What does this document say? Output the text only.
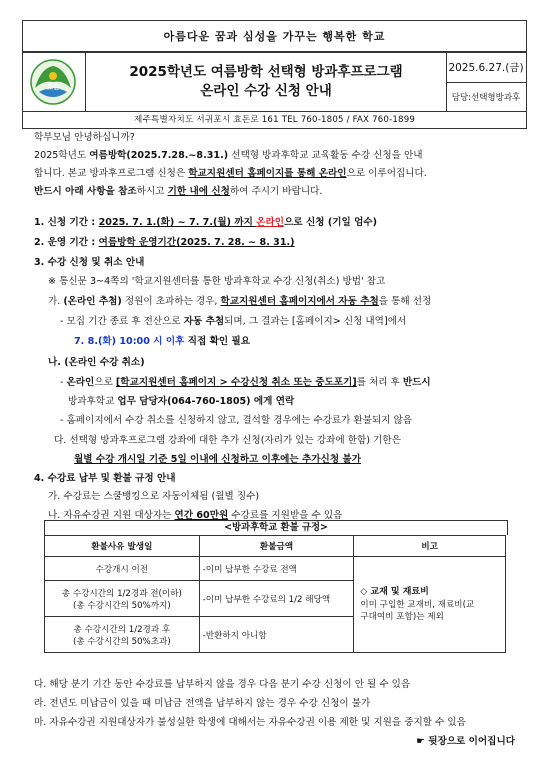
아름다운 꿈과 심성을 가꾸는 행복한 학교
효돈
2025학년도 여름방학 선택형 방과후프로그램
온라인 수강 신청 안내
2025.6.27.(금)
담당:선택형방과후
제주특별자치도 서귀포시 효돈로 161 TEL 760-1805 / FAX 760-1899
학부모님 안녕하십니까?
2025학년도 여름방학(2025.7.28.~8.31.) 선택형 방과후학교 교육활동 수강 신청을 안내
합니다. 본교 방과후프로그램 신청은 학교지원센터 홈페이지를 통해 온라인으로 이루어집니다.
반드시 아래 사항을 참조하시고 기한 내에 신청하여 주시기 바랍니다.
1. 신청 기간 : 2025. 7. 1.(화) ~ 7. 7.(월) 까지 온라인으로 신청 (기일 엄수)
2. 운영 기간 : 여름방학 운영기간(2025. 7. 28. ~ 8. 31.)
3. 수강 신청 및 취소 안내
※ 통신문 3~4쪽의 '학교지원센터를 통한 방과후학교 수강 신청(취소) 방법' 참고
가. (온라인 추첨) 정원이 초과하는 경우, 학교지원센터 홈페이지에서 자동 추첨을 통해 선정
- 모집 기간 종료 후 전산으로 자동 추첨되며, 그 결과는 [홈페이지> 신청 내역]에서
7. 8.(화) 10:00 시 이후 직접 확인 필요
나. (온라인 수강 취소)
- 온라인으로 [학교지원센터 홈페이지 > 수강신청 취소 또는 중도포기]를 처리 후 반드시
방과후학교 업무 담당자(064-760-1805) 에게 연락
- 홈페이지에서 수강 취소를 신청하지 않고, 결석할 경우에는 수강료가 환불되지 않음
다. 선택형 방과후프로그램 강좌에 대한 추가 신청(자리가 있는 강좌에 한함) 기한은
월별 수강 개시일 기준 5일 이내에 신청하고 이후에는 추가신청 불가
4. 수강료 납부 및 환불 규정 안내
가. 수강료는 스쿨뱅킹으로 자동이체됨 (월별 징수)
나. 자유수강권 지원 대상자는 연간 60만원 수강료를 지원받을 수 있음
<방과후학교 환불 규정>
환불사유 발생일	환불금액	비고
수강개시 이전	-이미 납부한 수강료 전액	◇ 교재 및 재료비
이미 구입한 교재비, 재료비(교
구대여비 포함)는 제외

총 수강시간의 1/2경과 전(이하)
(총 수강시간의 50%까지)	-이미 납부한 수강료의 1/2 해당액	

총 수강시간의 1/2경과 후
(총 수강시간의 50%초과)	-반환하지 아니함	
다. 해당 분기 기간 동안 수강료를 납부하지 않을 경우 다음 분기 수강 신청이 안 될 수 있음
라. 전년도 미납금이 있을 때 미납금 전액을 납부하지 않는 경우 수강 신청이 불가
마. 자유수강권 지원대상자가 불성실한 학생에 대해서는 자유수강권 이용 제한 및 지원을 중지할 수 있음
☛ 뒷장으로 이어집니다
